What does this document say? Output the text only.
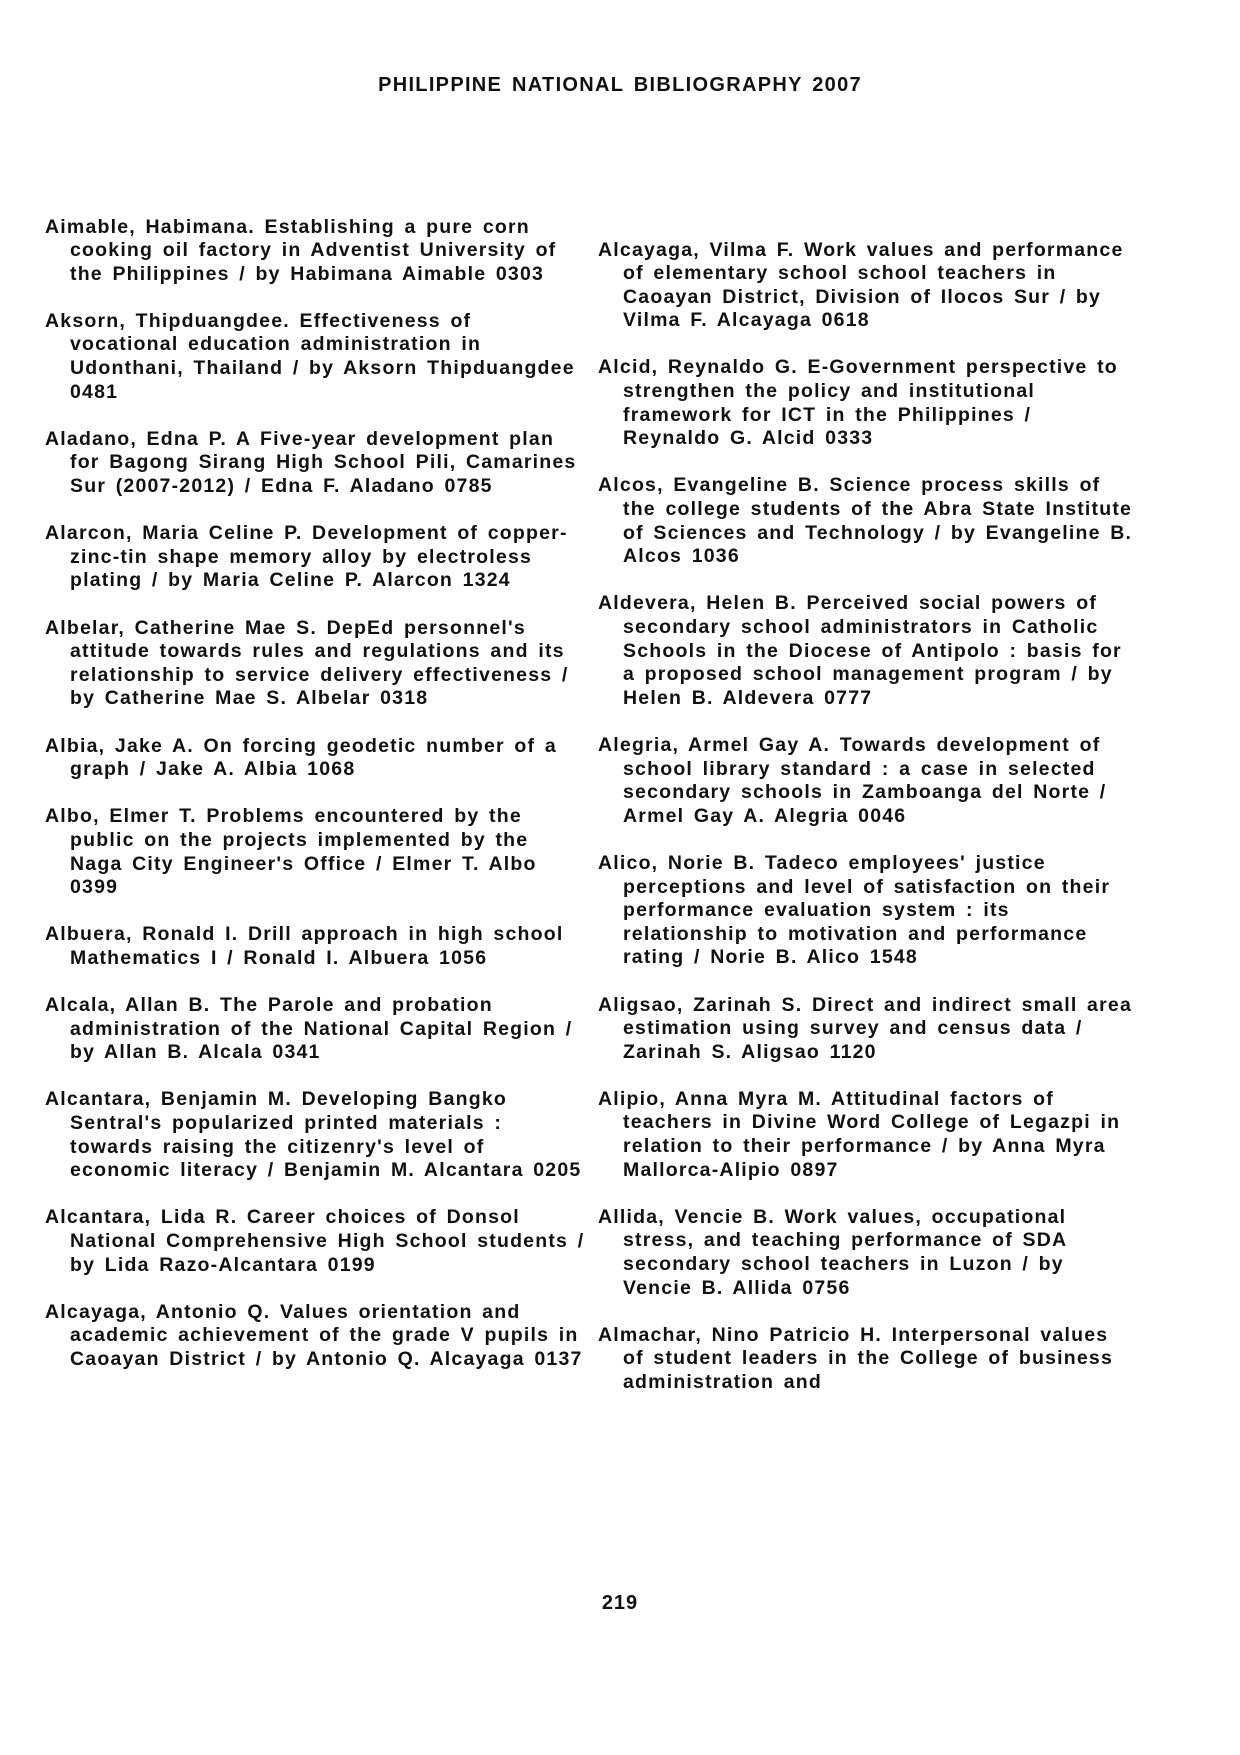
PHILIPPINE NATIONAL BIBLIOGRAPHY 2007

Aimable, Habimana. Establishing a pure corn cooking oil factory in Adventist University of the Philippines / by Habimana Aimable 0303

Aksorn, Thipduangdee. Effectiveness of vocational education administration in Udonthani, Thailand / by Aksorn Thipduangdee 0481

Aladano, Edna P. A Five-year development plan for Bagong Sirang High School Pili, Camarines Sur (2007-2012) / Edna F. Aladano 0785

Alarcon, Maria Celine P. Development of copper-zinc-tin shape memory alloy by electroless plating / by Maria Celine P. Alarcon 1324

Albelar, Catherine Mae S. DepEd personnel's attitude towards rules and regulations and its relationship to service delivery effectiveness / by Catherine Mae S. Albelar 0318

Albia, Jake A. On forcing geodetic number of a graph / Jake A. Albia 1068

Albo, Elmer T. Problems encountered by the public on the projects implemented by the Naga City Engineer's Office / Elmer T. Albo 0399

Albuera, Ronald I. Drill approach in high school Mathematics I / Ronald I. Albuera 1056

Alcala, Allan B. The Parole and probation administration of the National Capital Region / by Allan B. Alcala 0341

Alcantara, Benjamin M. Developing Bangko Sentral's popularized printed materials : towards raising the citizenry's level of economic literacy / Benjamin M. Alcantara 0205

Alcantara, Lida R. Career choices of Donsol National Comprehensive High School students / by Lida Razo-Alcantara 0199

Alcayaga, Antonio Q. Values orientation and academic achievement of the grade V pupils in Caoayan District / by Antonio Q. Alcayaga 0137

Alcayaga, Vilma F. Work values and performance of elementary school school teachers in Caoayan District, Division of Ilocos Sur / by Vilma F. Alcayaga 0618

Alcid, Reynaldo G. E-Government perspective to strengthen the policy and institutional framework for ICT in the Philippines / Reynaldo G. Alcid 0333

Alcos, Evangeline B. Science process skills of the college students of the Abra State Institute of Sciences and Technology / by Evangeline B. Alcos 1036

Aldevera, Helen B. Perceived social powers of secondary school administrators in Catholic Schools in the Diocese of Antipolo : basis for a proposed school management program / by Helen B. Aldevera 0777

Alegria, Armel Gay A. Towards development of school library standard : a case in selected secondary schools in Zamboanga del Norte / Armel Gay A. Alegria 0046

Alico, Norie B. Tadeco employees' justice perceptions and level of satisfaction on their performance evaluation system : its relationship to motivation and performance rating / Norie B. Alico 1548

Aligsao, Zarinah S. Direct and indirect small area estimation using survey and census data / Zarinah S. Aligsao 1120

Alipio, Anna Myra M. Attitudinal factors of teachers in Divine Word College of Legazpi in relation to their performance / by Anna Myra Mallorca-Alipio 0897

Allida, Vencie B. Work values, occupational stress, and teaching performance of SDA secondary school teachers in Luzon / by Vencie B. Allida 0756

Almachar, Nino Patricio H. Interpersonal values of student leaders in the College of business administration and

219
